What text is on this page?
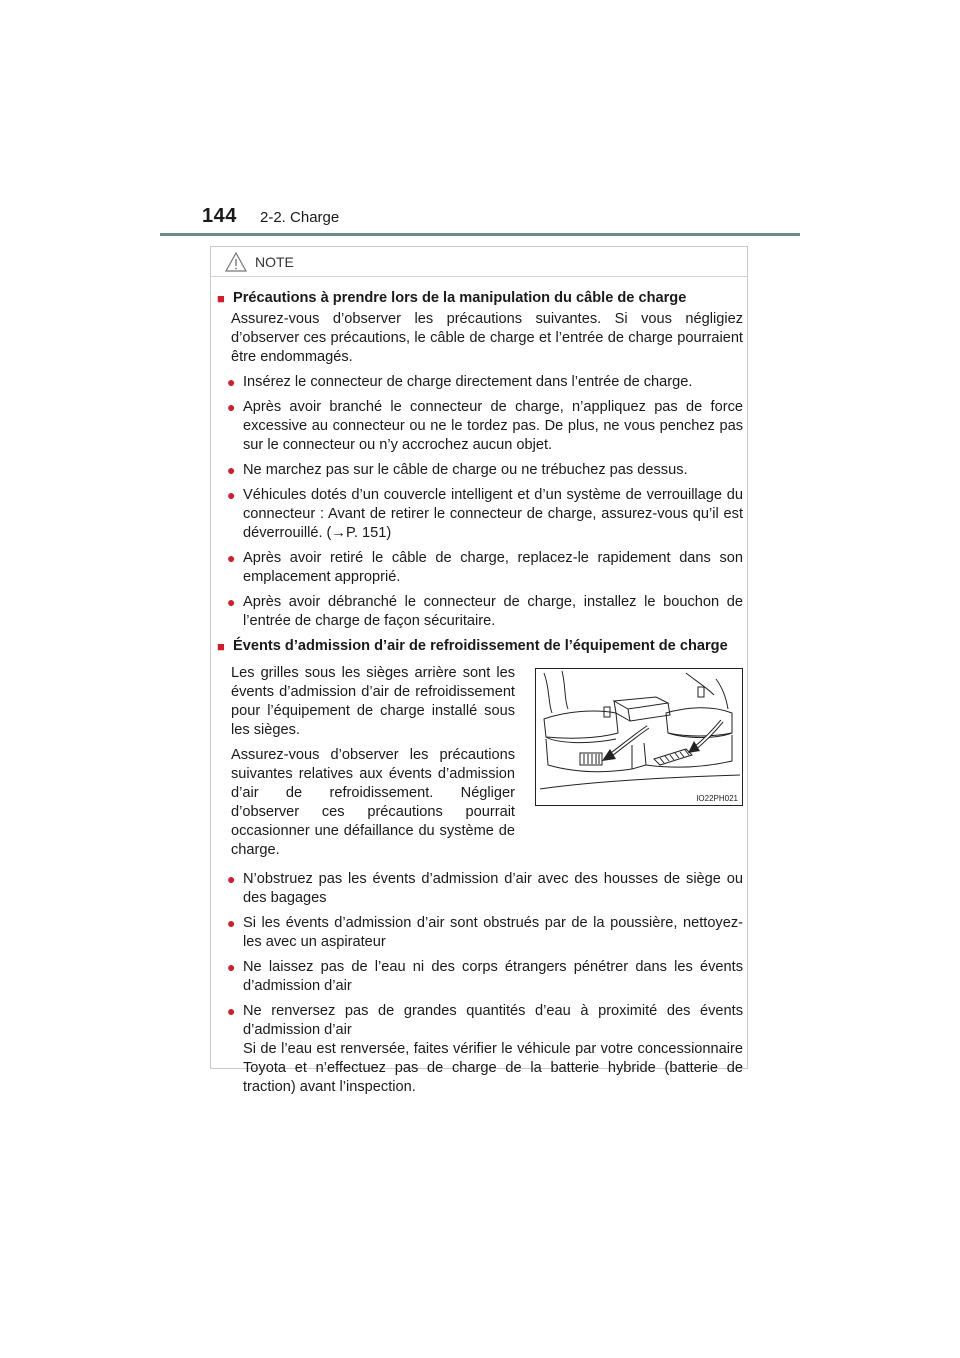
144 2-2. Charge
NOTE
■ Précautions à prendre lors de la manipulation du câble de charge
Assurez-vous d’observer les précautions suivantes. Si vous négligiez d’observer ces précautions, le câble de charge et l’entrée de charge pourraient être endommagés.
● Insérez le connecteur de charge directement dans l’entrée de charge.
● Après avoir branché le connecteur de charge, n’appliquez pas de force excessive au connecteur ou ne le tordez pas. De plus, ne vous penchez pas sur le connecteur ou n’y accrochez aucun objet.
● Ne marchez pas sur le câble de charge ou ne trébuchez pas dessus.
● Véhicules dotés d’un couvercle intelligent et d’un système de verrouillage du connecteur : Avant de retirer le connecteur de charge, assurez-vous qu’il est déverrouillé. (→P. 151)
● Après avoir retiré le câble de charge, replacez-le rapidement dans son emplacement approprié.
● Après avoir débranché le connecteur de charge, installez le bouchon de l’entrée de charge de façon sécuritaire.
■ Évents d’admission d’air de refroidissement de l’équipement de charge

Les grilles sous les sièges arrière sont les évents d’admission d’air de refroidissement pour l’équipement de charge installé sous les sièges.

Assurez-vous d’observer les précautions suivantes relatives aux évents d’admission d’air de refroidissement. Négliger d’observer ces précautions pourrait occasionner une défaillance du système de charge.

IO22PH021
● N’obstruez pas les évents d’admission d’air avec des housses de siège ou des bagages
● Si les évents d’admission d’air sont obstrués par de la poussière, nettoyez-les avec un aspirateur
● Ne laissez pas de l’eau ni des corps étrangers pénétrer dans les évents d’admission d’air
● Ne renversez pas de grandes quantités d’eau à proximité des évents d’admission d’air
Si de l’eau est renversée, faites vérifier le véhicule par votre concessionnaire Toyota et n’effectuez pas de charge de la batterie hybride (batterie de traction) avant l’inspection.
